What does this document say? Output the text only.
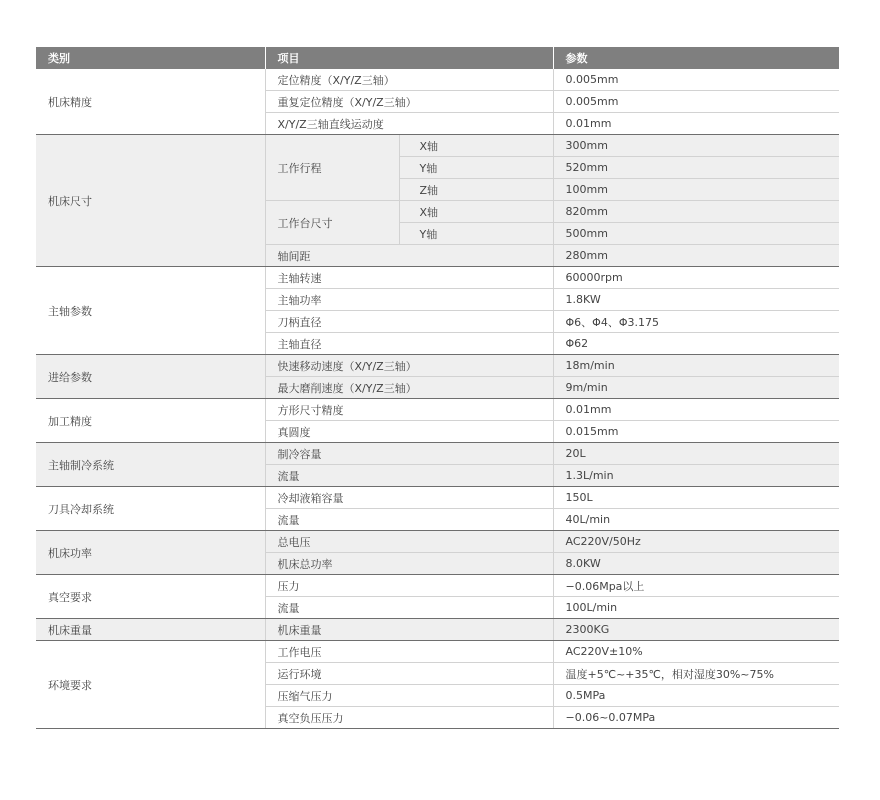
类别	项目		参数
机床精度	定位精度（X/Y/Z三轴）		0.005mm
	重复定位精度（X/Y/Z三轴）		0.005mm
	X/Y/Z三轴直线运动度		0.01mm
机床尺寸	工作行程	X轴	300mm
		Y轴	520mm
		Z轴	100mm
	工作台尺寸	X轴	820mm
		Y轴	500mm
	轴间距		280mm
主轴参数	主轴转速		60000rpm
	主轴功率		1.8KW
	刀柄直径		Φ6、Φ4、Φ3.175
	主轴直径		Φ62
进给参数	快速移动速度（X/Y/Z三轴）		18m/min
	最大磨削速度（X/Y/Z三轴）		9m/min
加工精度	方形尺寸精度		0.01mm
	真圆度		0.015mm
主轴制冷系统	制冷容量		20L
	流量		1.3L/min
刀具冷却系统	冷却液箱容量		150L
	流量		40L/min
机床功率	总电压		AC220V/50Hz
	机床总功率		8.0KW
真空要求	压力		−0.06Mpa以上
	流量		100L/min
机床重量	机床重量		2300KG
环境要求	工作电压		AC220V±10%
	运行环境		温度+5℃~+35℃，相对湿度30%~75%
	压缩气压力		0.5MPa
	真空负压压力		−0.06~0.07MPa
